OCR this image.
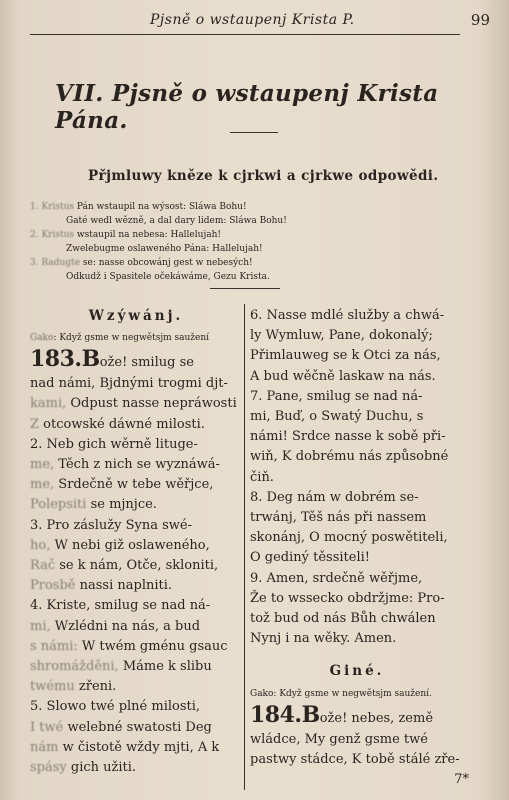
Pjsně o wstaupenj Krista P.	99
VII. Pjsně o wstaupenj Krista Pána.
Přjmluwy kněze k cjrkwi a cjrkwe odpowědi.
1. Kristus Pán wstaupil na wýsost: Sláwa Bohu!
Gaté wedl wězně, a dal dary lidem: Sláwa Bohu!
2. Kristus wstaupil na nebesa: Hallelujah!
Zwelebugme oslaweného Pána: Hallelujah!
3. Radugte se: nasse obcowánj gest w nebesých!
Odkudž i Spasitele očekáwáme, Gezu Krista.
Wzýwánj.
Gako: Když gsme w negwětsjm saužení
183.Bože! smilug se
nad námi, Bjdnými trogmi djt-
kami, Odpust nasse nepráwosti
Z otcowské dáwné milosti.
2. Neb gich wěrně lituge-
me, Těch z nich se wyznáwá-
me, Srdečně w tebe wěřjce,
Polepsiti se mjnjce.
3. Pro záslužy Syna swé-
ho, W nebi giž oslaweného,
Rač se k nám, Otče, skloniti,
Prosbě nassi naplniti.
4. Kriste, smilug se nad ná-
mi, Wzlédni na nás, a bud
s námi: W twém gménu gsauc
shromážděni, Máme k slibu
twému zřeni.
5. Slowo twé plné milosti,
I twé welebné swatosti Deg
nám w čistotě wždy mjti, A k
spásy gich užiti.
6. Nasse mdlé služby a chwá-
ly Wymluw, Pane, dokonalý;
Přimlauweg se k Otci za nás,
A bud wěčně laskaw na nás.
7. Pane, smilug se nad ná-
mi, Buď, o Swatý Duchu, s
námi! Srdce nasse k sobě při-
wiň, K dobrému nás způsobné
čiň.
8. Deg nám w dobrém se-
trwánj, Těš nás při nassem
skonánj, O mocný poswětiteli,
O gediný těssiteli!
9. Amen, srdečně wěřjme,
Že to wssecko obdržjme: Pro-
tož bud od nás Bůh chwálen
Nynj i na wěky. Amen.
Giné.
Gako: Když gsme w negwětsjm saužení.
184.Bože! nebes, země
wládce, My genž gsme twé
pastwy stádce, K tobě stálé zře-
7*
